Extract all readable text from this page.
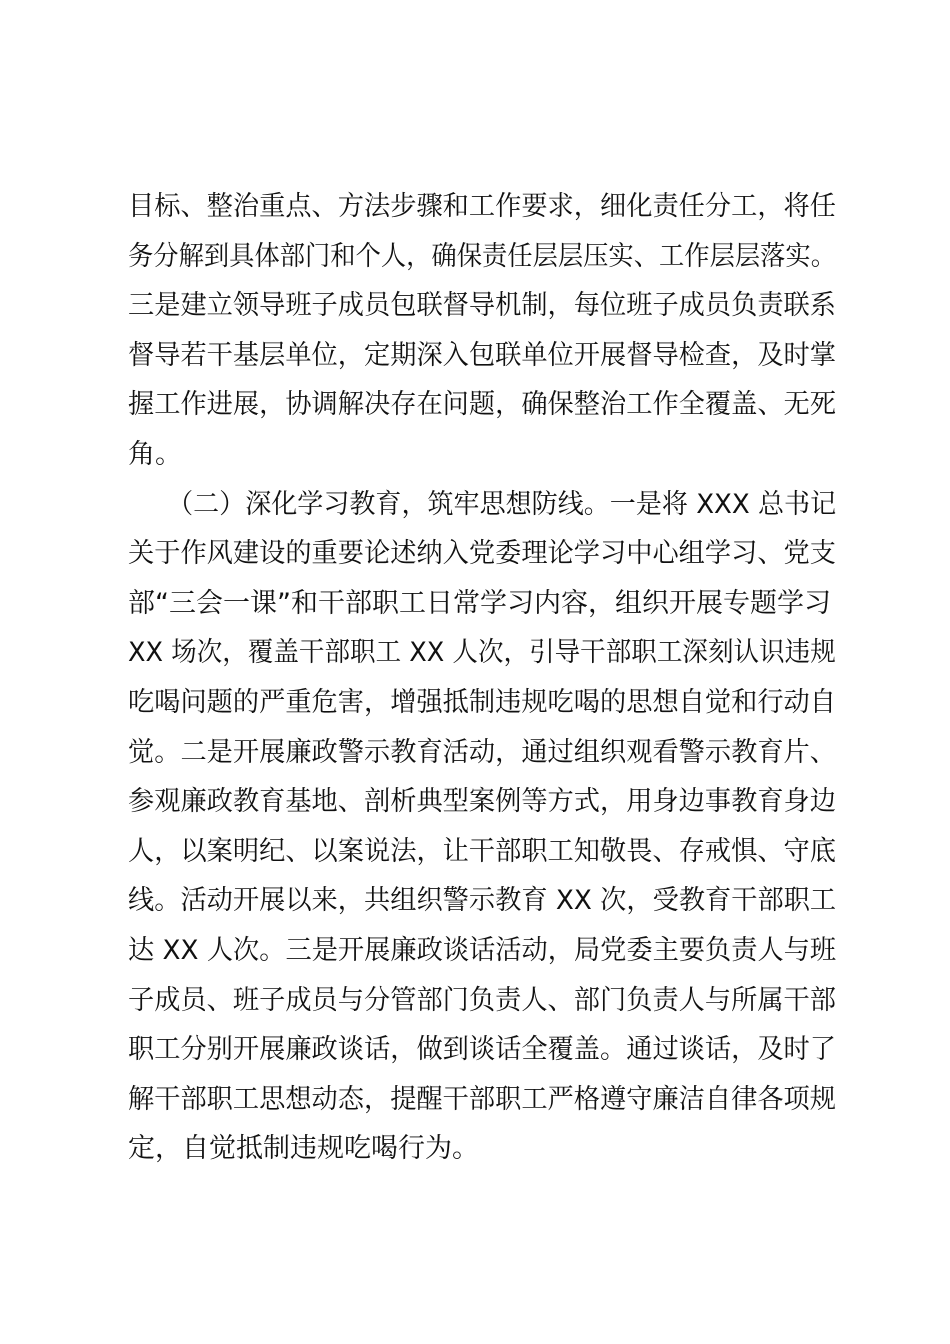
目标、整治重点、方法步骤和工作要求，细化责任分工，将任
务分解到具体部门和个人，确保责任层层压实、工作层层落实。
三是建立领导班子成员包联督导机制，每位班子成员负责联系
督导若干基层单位，定期深入包联单位开展督导检查，及时掌
握工作进展，协调解决存在问题，确保整治工作全覆盖、无死
角。
　　（二）深化学习教育，筑牢思想防线。一是将 XXX 总书记
关于作风建设的重要论述纳入党委理论学习中心组学习、党支
部“三会一课”和干部职工日常学习内容，组织开展专题学习
XX 场次，覆盖干部职工 XX 人次，引导干部职工深刻认识违规
吃喝问题的严重危害，增强抵制违规吃喝的思想自觉和行动自
觉。二是开展廉政警示教育活动，通过组织观看警示教育片、
参观廉政教育基地、剖析典型案例等方式，用身边事教育身边
人，以案明纪、以案说法，让干部职工知敬畏、存戒惧、守底
线。活动开展以来，共组织警示教育 XX 次，受教育干部职工
达 XX 人次。三是开展廉政谈话活动，局党委主要负责人与班
子成员、班子成员与分管部门负责人、部门负责人与所属干部
职工分别开展廉政谈话，做到谈话全覆盖。通过谈话，及时了
解干部职工思想动态，提醒干部职工严格遵守廉洁自律各项规
定，自觉抵制违规吃喝行为。
